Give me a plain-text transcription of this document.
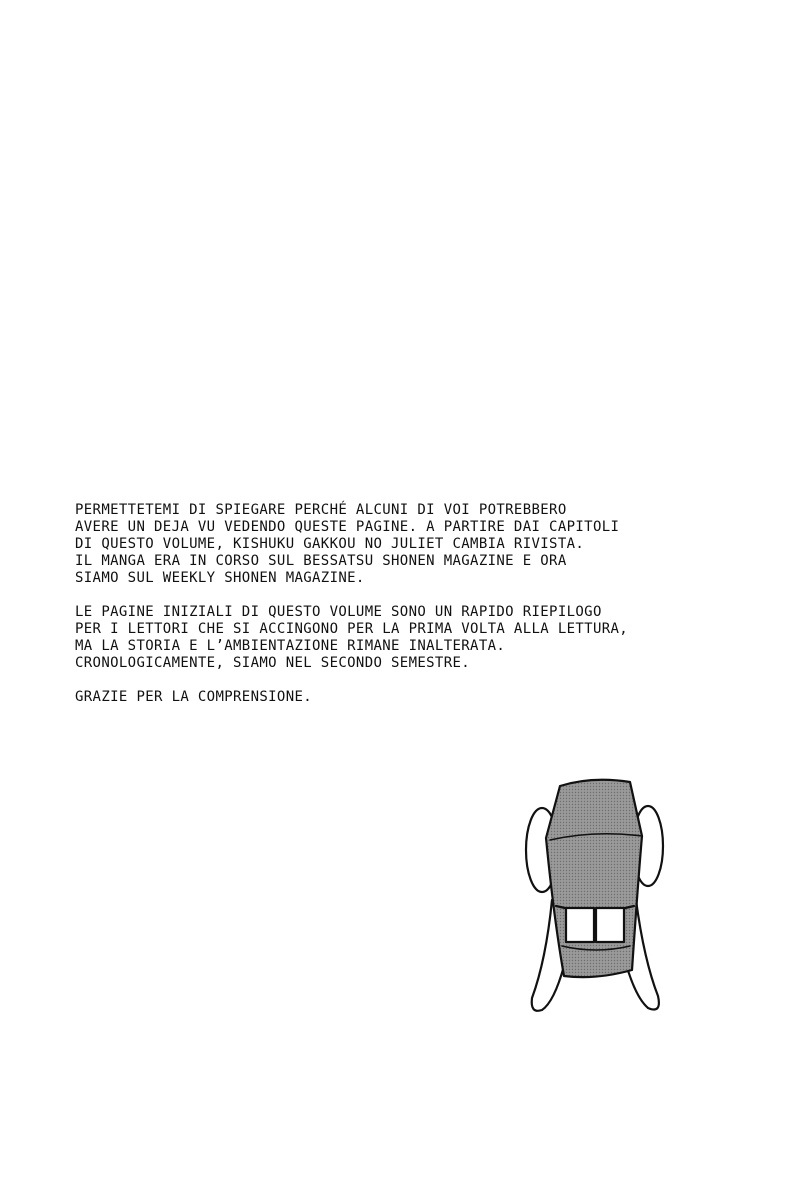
PERMETTETEMI DI SPIEGARE PERCHÉ ALCUNI DI VOI POTREBBERO
AVERE UN DEJA VU VEDENDO QUESTE PAGINE. A PARTIRE DAI CAPITOLI
DI QUESTO VOLUME, KISHUKU GAKKOU NO JULIET CAMBIA RIVISTA.
IL MANGA ERA IN CORSO SUL BESSATSU SHONEN MAGAZINE E ORA
SIAMO SUL WEEKLY SHONEN MAGAZINE.
LE PAGINE INIZIALI DI QUESTO VOLUME SONO UN RAPIDO RIEPILOGO
PER I LETTORI CHE SI ACCINGONO PER LA PRIMA VOLTA ALLA LETTURA,
MA LA STORIA E L’AMBIENTAZIONE RIMANE INALTERATA.
CRONOLOGICAMENTE, SIAMO NEL SECONDO SEMESTRE.
GRAZIE PER LA COMPRENSIONE.
